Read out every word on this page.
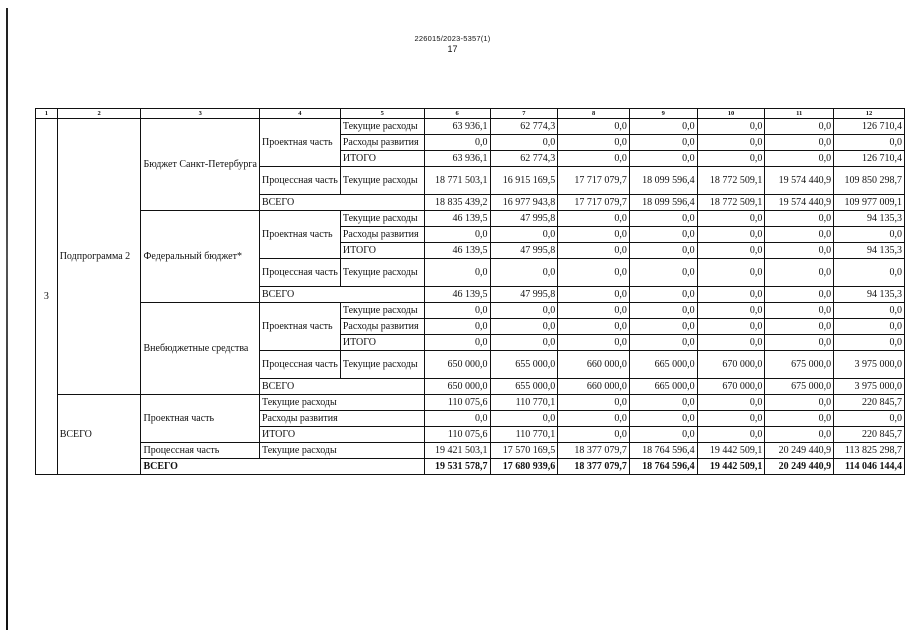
226015/2023-5357(1)
17
1	2	3	4	5	6	7	8	9	10	11	12
3	Подпрограмма 2	Бюджет Санкт-Петербурга	Проектная часть	Текущие расходы	63 936,1	62 774,3	0,0	0,0	0,0	0,0	126 710,4
				Расходы развития	0,0	0,0	0,0	0,0	0,0	0,0	0,0
				ИТОГО	63 936,1	62 774,3	0,0	0,0	0,0	0,0	126 710,4
			Процессная часть	Текущие расходы	18 771 503,1	16 915 169,5	17 717 079,7	18 099 596,4	18 772 509,1	19 574 440,9	109 850 298,7
			ВСЕГО		18 835 439,2	16 977 943,8	17 717 079,7	18 099 596,4	18 772 509,1	19 574 440,9	109 977 009,1
		Федеральный бюджет*	Проектная часть	Текущие расходы	46 139,5	47 995,8	0,0	0,0	0,0	0,0	94 135,3
				Расходы развития	0,0	0,0	0,0	0,0	0,0	0,0	0,0
				ИТОГО	46 139,5	47 995,8	0,0	0,0	0,0	0,0	94 135,3
			Процессная часть	Текущие расходы	0,0	0,0	0,0	0,0	0,0	0,0	0,0
			ВСЕГО		46 139,5	47 995,8	0,0	0,0	0,0	0,0	94 135,3
		Внебюджетные средства	Проектная часть	Текущие расходы	0,0	0,0	0,0	0,0	0,0	0,0	0,0
				Расходы развития	0,0	0,0	0,0	0,0	0,0	0,0	0,0
				ИТОГО	0,0	0,0	0,0	0,0	0,0	0,0	0,0
			Процессная часть	Текущие расходы	650 000,0	655 000,0	660 000,0	665 000,0	670 000,0	675 000,0	3 975 000,0
			ВСЕГО		650 000,0	655 000,0	660 000,0	665 000,0	670 000,0	675 000,0	3 975 000,0
	ВСЕГО	Проектная часть	Текущие расходы		110 075,6	110 770,1	0,0	0,0	0,0	0,0	220 845,7
			Расходы развития		0,0	0,0	0,0	0,0	0,0	0,0	0,0
			ИТОГО		110 075,6	110 770,1	0,0	0,0	0,0	0,0	220 845,7
		Процессная часть	Текущие расходы		19 421 503,1	17 570 169,5	18 377 079,7	18 764 596,4	19 442 509,1	20 249 440,9	113 825 298,7
		ВСЕГО			19 531 578,7	17 680 939,6	18 377 079,7	18 764 596,4	19 442 509,1	20 249 440,9	114 046 144,4
